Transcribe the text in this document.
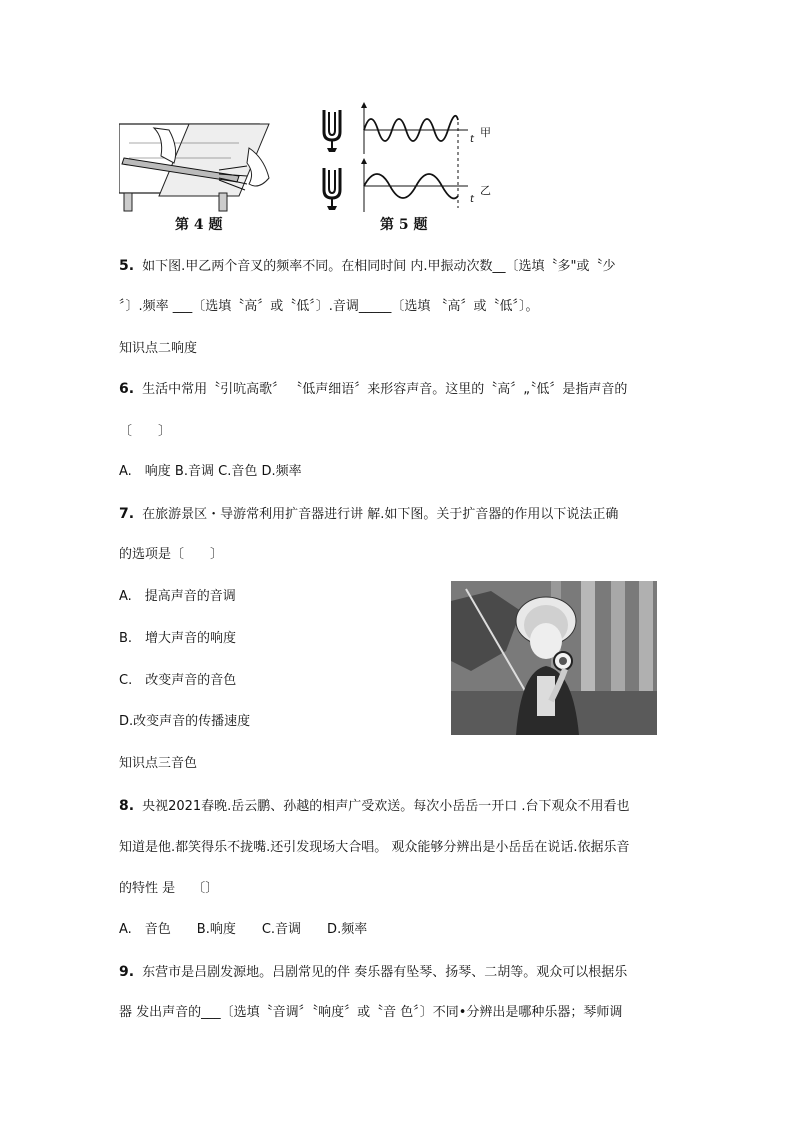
第 4 题
甲
t
乙
t
第 5 题
5. 如下图.甲乙两个音叉的频率不同。在相同时间 内.甲振动次数__〔选填〝多"或〝少
〞〕.频率 ___〔选填〝高〞或〝低〞〕.音调_____〔选填 〝高〞或〝低〞〕。
知识点二响度
6. 生活中常用〝引吭高歌〞 〝低声细语〞来形容声音。这里的〝高〞„〝低〞是指声音的
〔　　〕
A.　响度 B.音调 C.音色 D.频率
7. 在旅游景区・导游常利用扩音器进行讲 解.如下图。关于扩音器的作用以下说法正确
的选项是〔　　〕
A.　提高声音的音调
B.　增大声音的响度
C.　改变声音的音色
D.改变声音的传播速度
知识点三音色
8. 央视2021春晚.岳云鹏、孙越的相声广受欢送。每次小岳岳一开口 .台下观众不用看也
知道是他.都笑得乐不拢嘴.还引发现场大合唱。 观众能够分辨出是小岳岳在说话.依据乐音
的特性 是　 〔〕
A.　音色　　B.响度　　C.音调　　D.频率
9. 东营市是吕剧发源地。吕剧常见的伴 奏乐器有坠琴、扬琴、二胡等。观众可以根据乐
器 发出声音的___〔选填〝音调〞〝响度〞或〝音 色〞〕不同•分辨出是哪种乐器；琴师调
